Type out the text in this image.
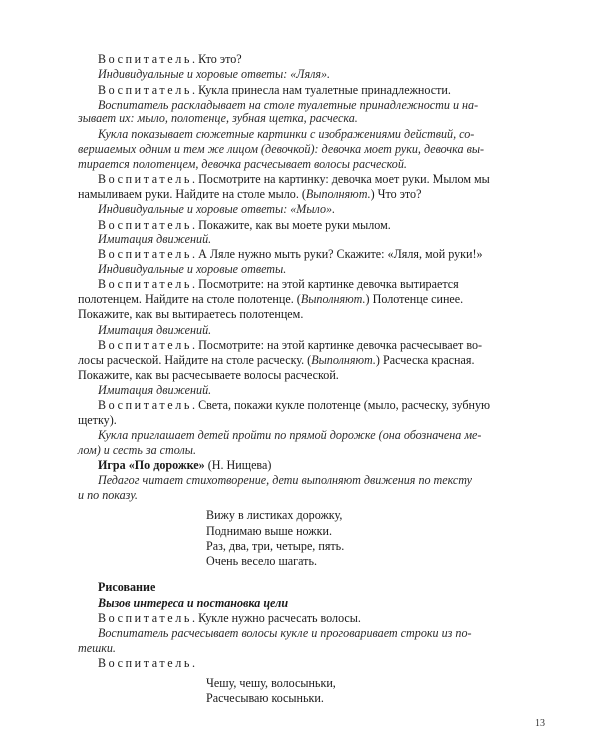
Воспитатель. Кто это?
Индивидуальные и хоровые ответы: «Ляля».
Воспитатель. Кукла принесла нам туалетные принадлежности.
Воспитатель раскладывает на столе туалетные принадлежности и на-
зывает их: мыло, полотенце, зубная щетка, расческа.
Кукла показывает сюжетные картинки с изображениями действий, со-
вершаемых одним и тем же лицом (девочкой): девочка моет руки, девочка вы-
тирается полотенцем, девочка расчесывает волосы расческой.
Воспитатель. Посмотрите на картинку: девочка моет руки. Мылом мы
намыливаем руки. Найдите на столе мыло. (Выполняют.) Что это?
Индивидуальные и хоровые ответы: «Мыло».
Воспитатель. Покажите, как вы моете руки мылом.
Имитация движений.
Воспитатель. А Ляле нужно мыть руки? Скажите: «Ляля, мой руки!»
Индивидуальные и хоровые ответы.
Воспитатель. Посмотрите: на этой картинке девочка вытирается
полотенцем. Найдите на столе полотенце. (Выполняют.) Полотенце синее.
Покажите, как вы вытираетесь полотенцем.
Имитация движений.
Воспитатель. Посмотрите: на этой картинке девочка расчесывает во-
лосы расческой. Найдите на столе расческу. (Выполняют.) Расческа красная.
Покажите, как вы расчесываете волосы расческой.
Имитация движений.
Воспитатель. Света, покажи кукле полотенце (мыло, расческу, зубную
щетку).
Кукла приглашает детей пройти по прямой дорожке (она обозначена ме-
лом) и сесть за столы.
Игра «По дорожке» (Н. Нищева)
Педагог читает стихотворение, дети выполняют движения по тексту
и по показу.
Вижу в листиках дорожку,
Поднимаю выше ножки.
Раз, два, три, четыре, пять.
Очень весело шагать.
Рисование
Вызов интереса и постановка цели
Воспитатель. Кукле нужно расчесать волосы.
Воспитатель расчесывает волосы кукле и проговаривает строки из по-
тешки.
Воспитатель.
Чешу, чешу, волосыньки,
Расчесываю косыньки.
13
